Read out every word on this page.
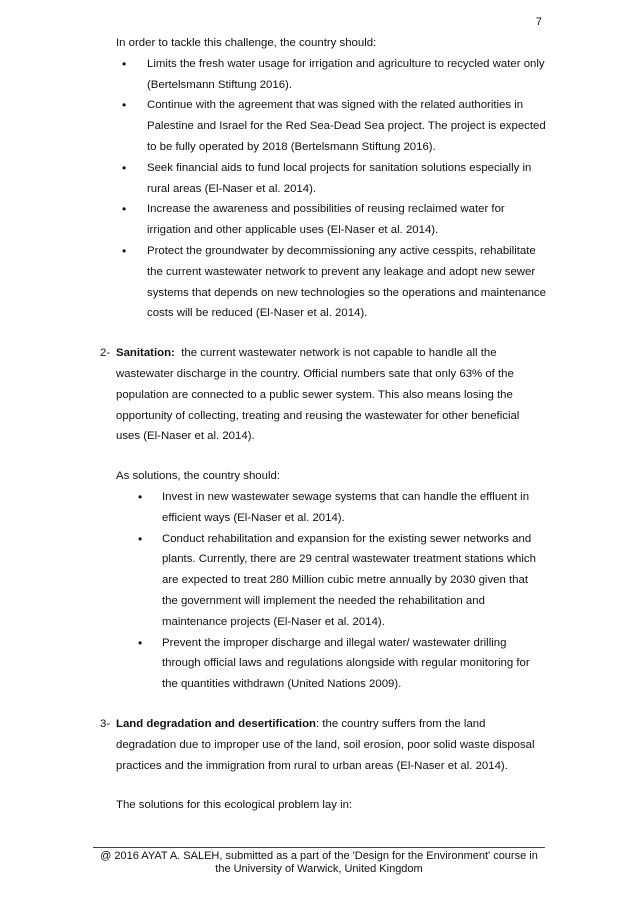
7

In order to tackle this challenge, the country should:

• Limits the fresh water usage for irrigation and agriculture to recycled water only (Bertelsmann Stiftung 2016).
• Continue with the agreement that was signed with the related authorities in Palestine and Israel for the Red Sea-Dead Sea project. The project is expected to be fully operated by 2018 (Bertelsmann Stiftung 2016).
• Seek financial aids to fund local projects for sanitation solutions especially in rural areas (El-Naser et al. 2014).
• Increase the awareness and possibilities of reusing reclaimed water for irrigation and other applicable uses (El-Naser et al. 2014).
• Protect the groundwater by decommissioning any active cesspits, rehabilitate the current wastewater network to prevent any leakage and adopt new sewer systems that depends on new technologies so the operations and maintenance costs will be reduced (El-Naser et al. 2014).
2- Sanitation: the current wastewater network is not capable to handle all the wastewater discharge in the country. Official numbers sate that only 63% of the population are connected to a public sewer system. This also means losing the opportunity of collecting, treating and reusing the wastewater for other beneficial uses (El-Naser et al. 2014).

As solutions, the country should:

• Invest in new wastewater sewage systems that can handle the effluent in efficient ways (El-Naser et al. 2014).
• Conduct rehabilitation and expansion for the existing sewer networks and plants. Currently, there are 29 central wastewater treatment stations which are expected to treat 280 Million cubic metre annually by 2030 given that the government will implement the needed the rehabilitation and maintenance projects (El-Naser et al. 2014).
• Prevent the improper discharge and illegal water/ wastewater drilling through official laws and regulations alongside with regular monitoring for the quantities withdrawn (United Nations 2009).
3- Land degradation and desertification: the country suffers from the land degradation due to improper use of the land, soil erosion, poor solid waste disposal practices and the immigration from rural to urban areas (El-Naser et al. 2014).

The solutions for this ecological problem lay in:

@ 2016 AYAT A. SALEH, submitted as a part of the 'Design for the Environment' course in
the University of Warwick, United Kingdom
